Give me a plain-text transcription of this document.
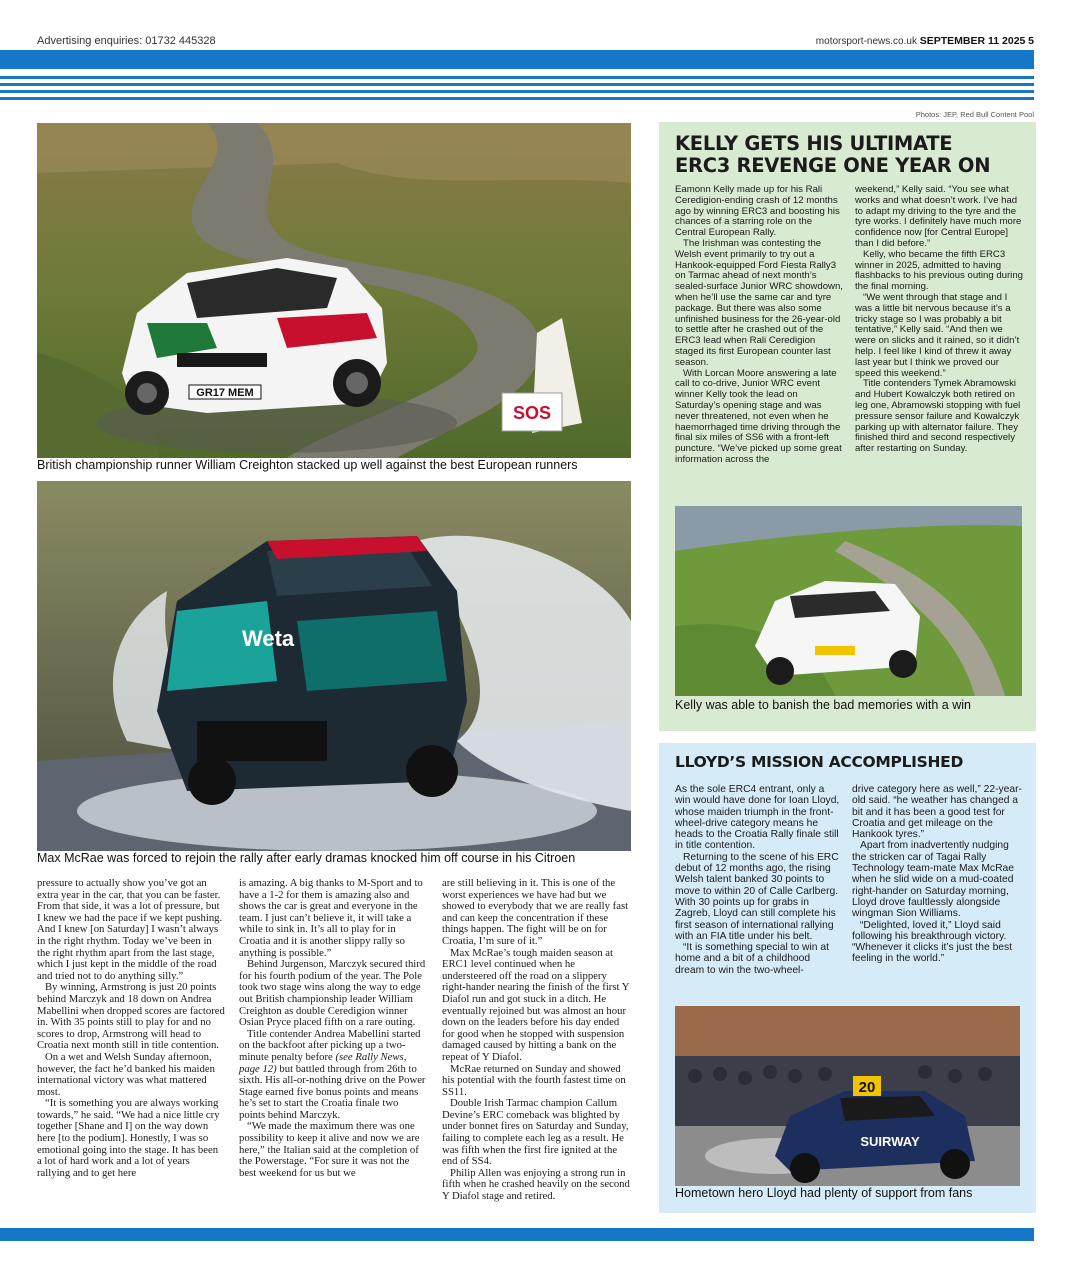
Advertising enquiries: 01732 445328	motorsport-news.co.uk SEPTEMBER 11 2025 5
Photos: JEP, Red Bull Content Pool
GR17 MEM
SOS
British championship runner William Creighton stacked up well against the best European runners
Weta
Max McRae was forced to rejoin the rally after early dramas knocked him off course in his Citroen

pressure to actually show you’ve got an extra year in the car, that you can be faster. From that side, it was a lot of pressure, but I knew we had the pace if we kept pushing. And I knew [on Saturday] I wasn’t always in the right rhythm. Today we’ve been in the right rhythm apart from the last stage, which I just kept in the middle of the road and tried not to do anything silly.”

By winning, Armstrong is just 20 points behind Marczyk and 18 down on Andrea Mabellini when dropped scores are factored in. With 35 points still to play for and no scores to drop, Armstrong will head to Croatia next month still in title contention.

On a wet and Welsh Sunday afternoon, however, the fact he’d banked his maiden international victory was what mattered most.

“It is something you are always working towards,” he said. “We had a nice little cry together [Shane and I] on the way down here [to the podium]. Honestly, I was so emotional going into the stage. It has been a lot of hard work and a lot of years rallying and to get here

is amazing. A big thanks to M-Sport and to have a 1-2 for them is amazing also and shows the car is great and everyone in the team. I just can’t believe it, it will take a while to sink in. It’s all to play for in Croatia and it is another slippy rally so anything is possible.”

Behind Jurgenson, Marczyk secured third for his fourth podium of the year. The Pole took two stage wins along the way to edge out British championship leader William Creighton as double Ceredigion winner Osian Pryce placed fifth on a rare outing.

Title contender Andrea Mabellini started on the backfoot after picking up a two-minute penalty before (see Rally News, page 12) but battled through from 26th to sixth. His all-or-nothing drive on the Power Stage earned five bonus points and means he’s set to start the Croatia finale two points behind Marczyk.

“We made the maximum there was one possibility to keep it alive and now we are here,” the Italian said at the completion of the Powerstage. “For sure it was not the best weekend for us but we

are still believing in it. This is one of the worst experiences we have had but we showed to everybody that we are really fast and can keep the concentration if these things happen. The fight will be on for Croatia, I’m sure of it.”

Max McRae’s tough maiden season at ERC1 level continued when he understeered off the road on a slippery right-hander nearing the finish of the first Y Diafol run and got stuck in a ditch. He eventually rejoined but was almost an hour down on the leaders before his day ended for good when he stopped with suspension damaged caused by hitting a bank on the repeat of Y Diafol.

McRae returned on Sunday and showed his potential with the fourth fastest time on SS11.

Double Irish Tarmac champion Callum Devine’s ERC comeback was blighted by under bonnet fires on Saturday and Sunday, failing to complete each leg as a result. He was fifth when the first fire ignited at the end of SS4.

Philip Allen was enjoying a strong run in fifth when he crashed heavily on the second Y Diafol stage and retired.

KELLY GETS HIS ULTIMATE
ERC3 REVENGE ONE YEAR ON

Eamonn Kelly made up for his Rali Ceredigion-ending crash of 12 months ago by winning ERC3 and boosting his chances of a starring role on the Central European Rally.

The Irishman was contesting the Welsh event primarily to try out a Hankook-equipped Ford Fiesta Rally3 on Tarmac ahead of next month’s sealed-surface Junior WRC showdown, when he’ll use the same car and tyre package. But there was also some unfinished business for the 26-year-old to settle after he crashed out of the ERC3 lead when Rali Ceredigion staged its first European counter last season.

With Lorcan Moore answering a late call to co-drive, Junior WRC event winner Kelly took the lead on Saturday’s opening stage and was never threatened, not even when he haemorrhaged time driving through the final six miles of SS6 with a front-left puncture. “We’ve picked up some great information across the

weekend,” Kelly said. “You see what works and what doesn’t work. I’ve had to adapt my driving to the tyre and the tyre works. I definitely have much more confidence now [for Central Europe] than I did before.”

Kelly, who became the fifth ERC3 winner in 2025, admitted to having flashbacks to his previous outing during the final morning.

“We went through that stage and I was a little bit nervous because it’s a tricky stage so I was probably a bit tentative,” Kelly said. “And then we were on slicks and it rained, so it didn’t help. I feel like I kind of threw it away last year but I think we proved our speed this weekend.”

Title contenders Tymek Abramowski and Hubert Kowalczyk both retired on leg one, Abramowski stopping with fuel pressure sensor failure and Kowalczyk parking up with alternator failure. They finished third and second respectively after restarting on Sunday.

Kelly was able to banish the bad memories with a win
LLOYD’S MISSION ACCOMPLISHED

As the sole ERC4 entrant, only a win would have done for Ioan Lloyd, whose maiden triumph in the front-wheel-drive category means he heads to the Croatia Rally finale still in title contention.

Returning to the scene of his ERC debut of 12 months ago, the rising Welsh talent banked 30 points to move to within 20 of Calle Carlberg. With 30 points up for grabs in Zagreb, Lloyd can still complete his first season of international rallying with an FIA title under his belt.

“It is something special to win at home and a bit of a childhood dream to win the two-wheel-

drive category here as well,” 22-year-old said. “he weather has changed a bit and it has been a good test for Croatia and get mileage on the Hankook tyres.”

Apart from inadvertently nudging the stricken car of Tagai Rally Technology team-mate Max McRae when he slid wide on a mud-coated right-hander on Saturday morning, Lloyd drove faultlessly alongside wingman Sion Williams.

“Delighted, loved it,” Lloyd said following his breakthrough victory. “Whenever it clicks it’s just the best feeling in the world.”

20
SUIRWAY
Hometown hero Lloyd had plenty of support from fans
